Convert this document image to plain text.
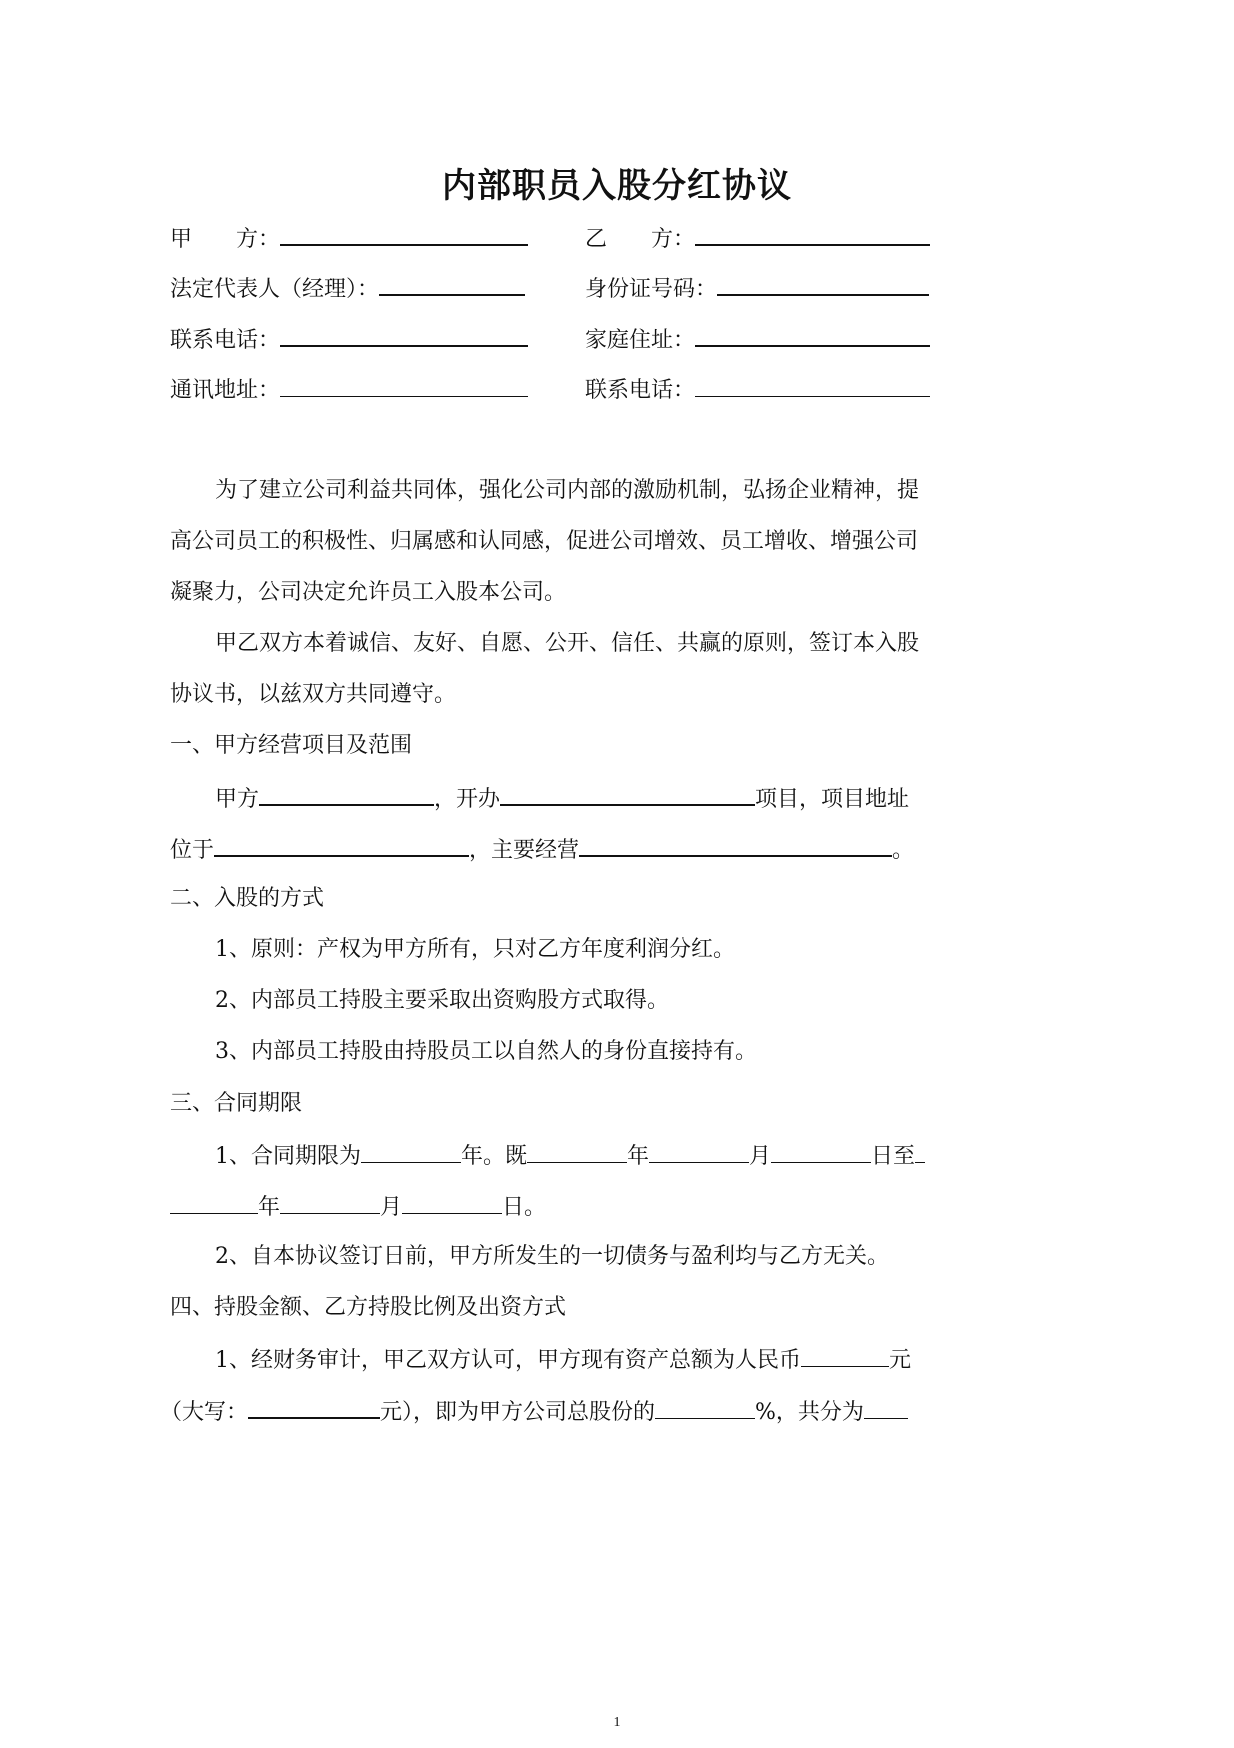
内部职员入股分红协议
甲　　方：	乙　　方：
法定代表人（经理）：	身份证号码：
联系电话：	家庭住址：
通讯地址：	联系电话：
为了建立公司利益共同体，强化公司内部的激励机制，弘扬企业精神，提
高公司员工的积极性、归属感和认同感，促进公司增效、员工增收、增强公司
凝聚力，公司决定允许员工入股本公司。
甲乙双方本着诚信、友好、自愿、公开、信任、共赢的原则，签订本入股
协议书，以兹双方共同遵守。
一、甲方经营项目及范围
甲方	，开办	项目，项目地址
位于	，主要经营	。
二、入股的方式
1、原则：产权为甲方所有，只对乙方年度利润分红。
2、内部员工持股主要采取出资购股方式取得。
3、内部员工持股由持股员工以自然人的身份直接持有。
三、合同期限
1、合同期限为	年。既	年	月	日至
年	月	日。
2、自本协议签订日前，甲方所发生的一切债务与盈利均与乙方无关。
四、持股金额、乙方持股比例及出资方式
1、经财务审计，甲乙双方认可，甲方现有资产总额为人民币	元
（大写：	元），即为甲方公司总股份的	%，共分为
1
